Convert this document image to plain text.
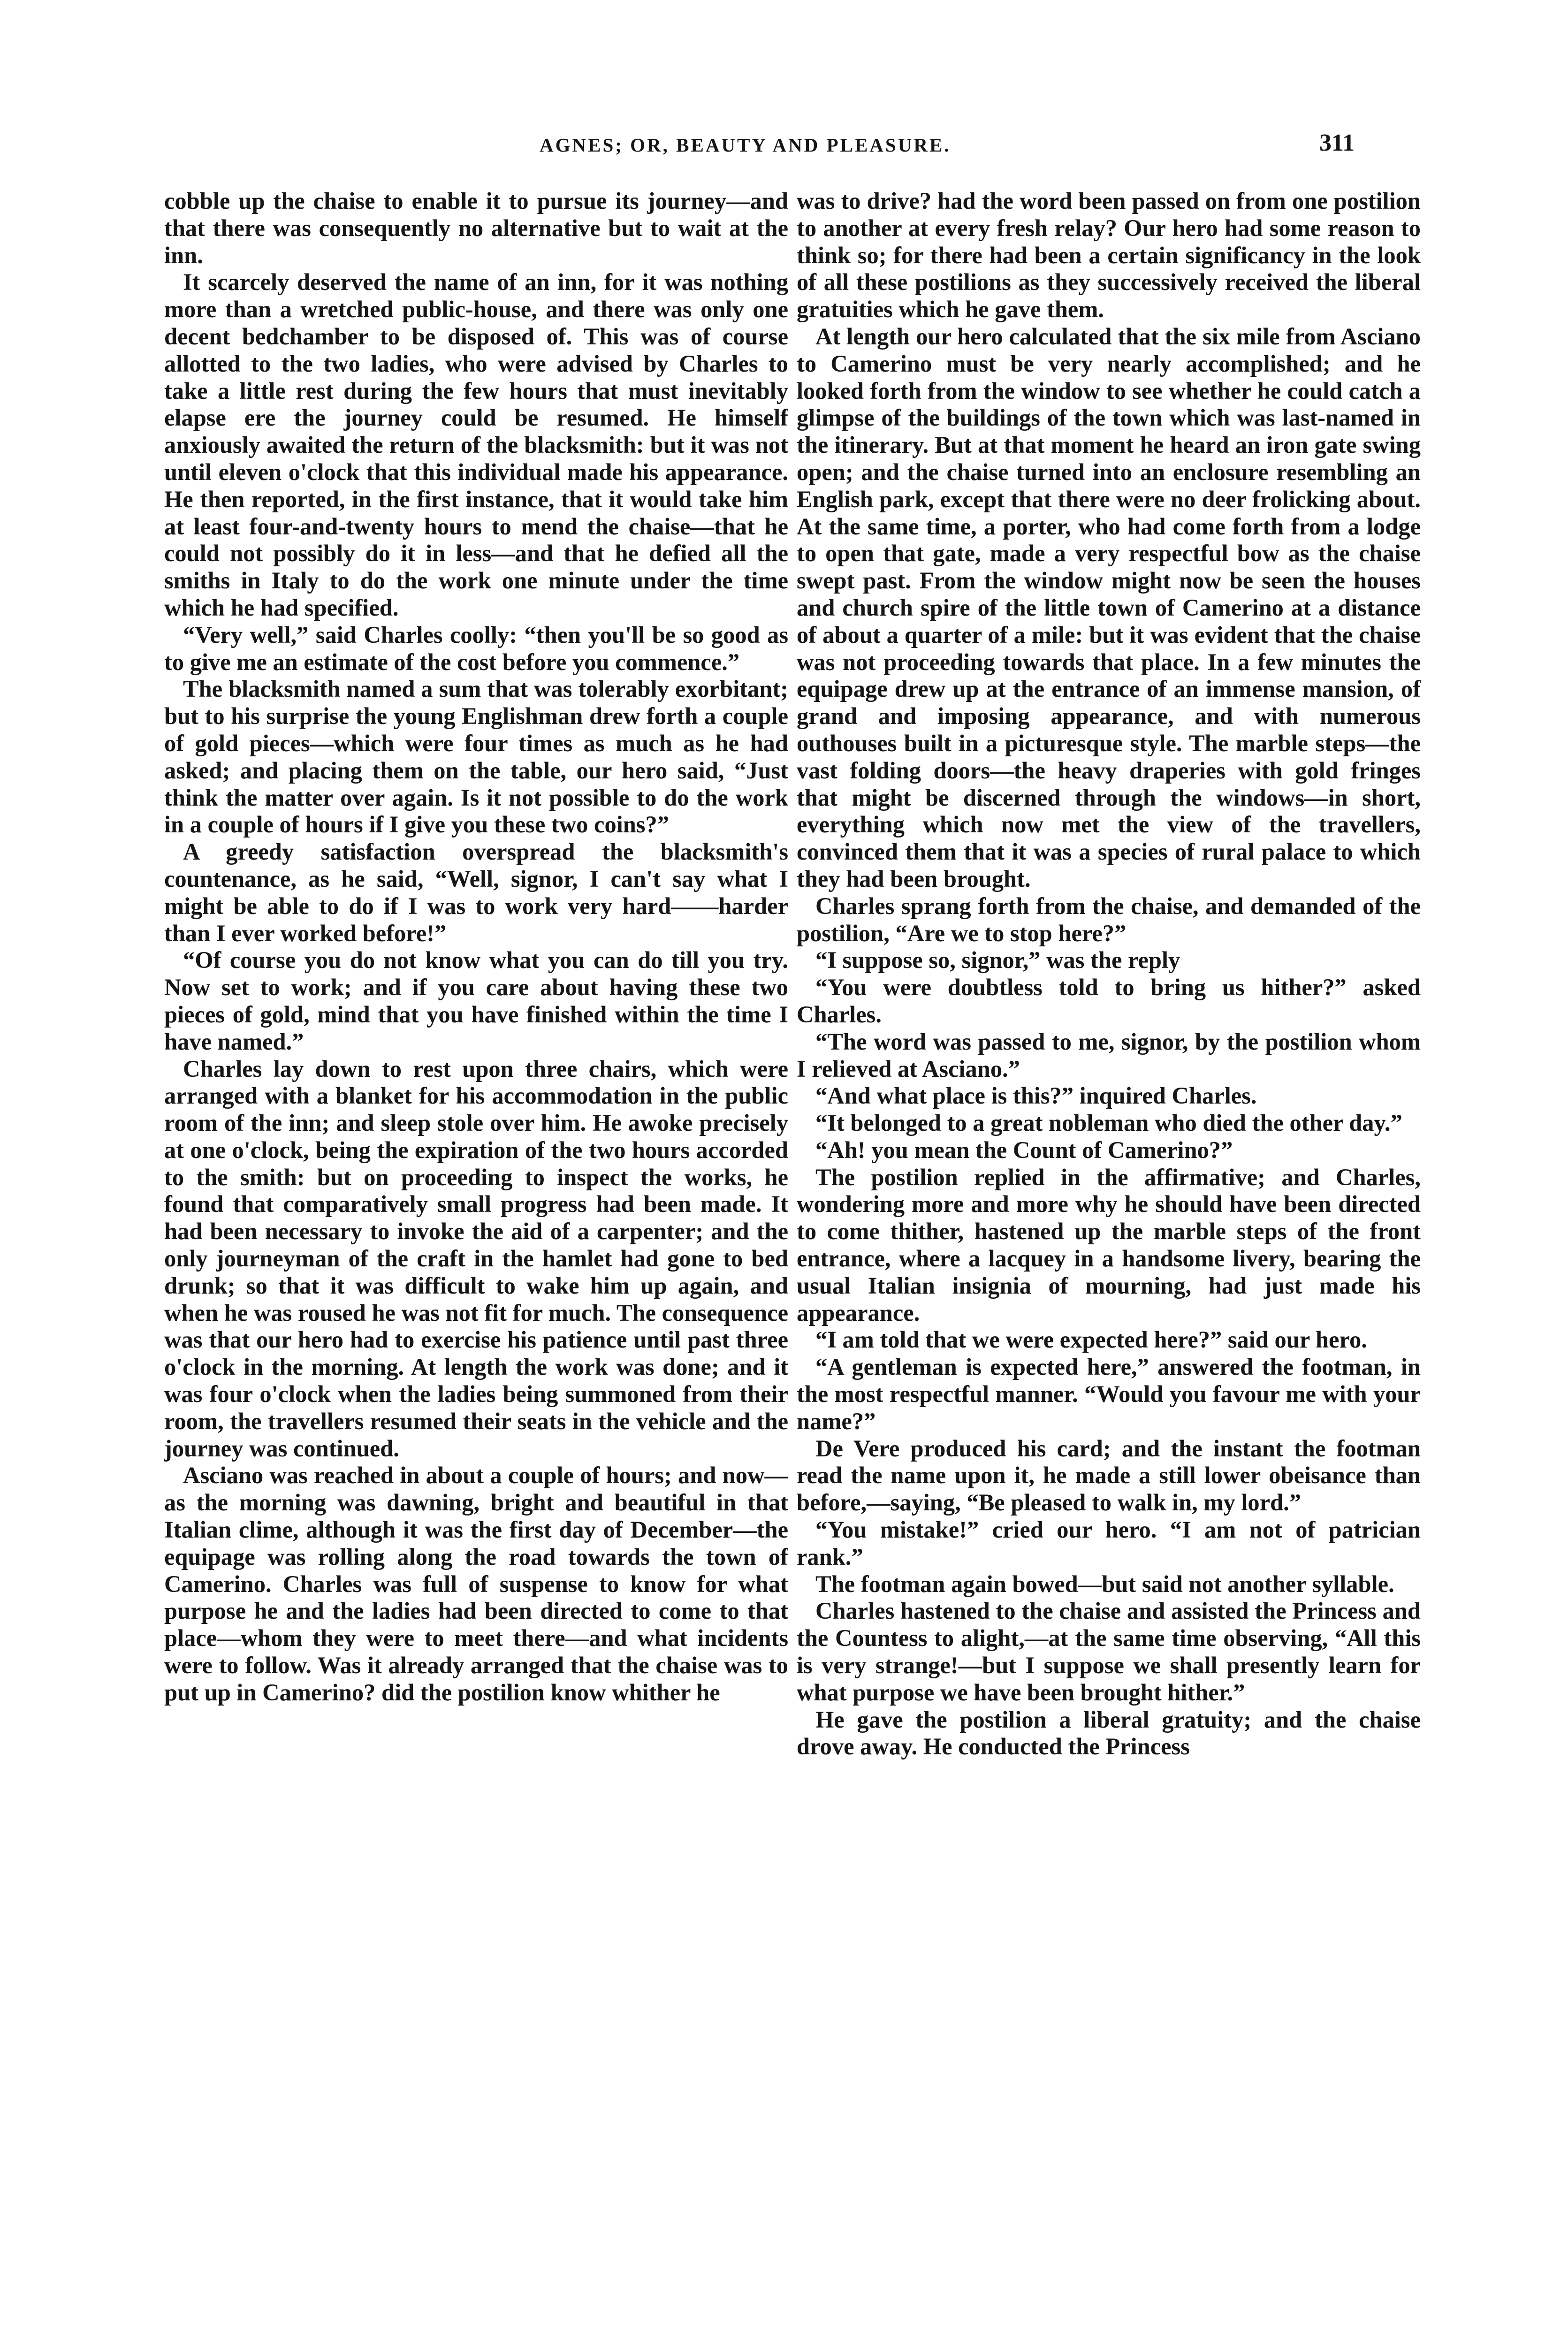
AGNES; OR, BEAUTY AND PLEASURE.	311

cobble up the chaise to enable it to pursue its journey—and that there was consequently no alternative but to wait at the inn.

It scarcely deserved the name of an inn, for it was nothing more than a wretched public-house, and there was only one decent bedchamber to be disposed of. This was of course allotted to the two ladies, who were advised by Charles to take a little rest during the few hours that must inevitably elapse ere the journey could be resumed. He himself anxiously awaited the return of the blacksmith: but it was not until eleven o'clock that this individual made his appearance. He then reported, in the first instance, that it would take him at least four-and-twenty hours to mend the chaise—that he could not possibly do it in less—and that he defied all the smiths in Italy to do the work one minute under the time which he had specified.

“Very well,” said Charles coolly: “then you'll be so good as to give me an estimate of the cost before you commence.”

The blacksmith named a sum that was tolerably exorbitant; but to his surprise the young Englishman drew forth a couple of gold pieces—which were four times as much as he had asked; and placing them on the table, our hero said, “Just think the matter over again. Is it not possible to do the work in a couple of hours if I give you these two coins?”

A greedy satisfaction overspread the blacksmith's countenance, as he said, “Well, signor, I can't say what I might be able to do if I was to work very hard——harder than I ever worked before!”

“Of course you do not know what you can do till you try. Now set to work; and if you care about having these two pieces of gold, mind that you have finished within the time I have named.”

Charles lay down to rest upon three chairs, which were arranged with a blanket for his accommodation in the public room of the inn; and sleep stole over him. He awoke precisely at one o'clock, being the expiration of the two hours accorded to the smith: but on proceeding to inspect the works, he found that comparatively small progress had been made. It had been necessary to invoke the aid of a carpenter; and the only journeyman of the craft in the hamlet had gone to bed drunk; so that it was difficult to wake him up again, and when he was roused he was not fit for much. The consequence was that our hero had to exercise his patience until past three o'clock in the morning. At length the work was done; and it was four o'clock when the ladies being summoned from their room, the travellers resumed their seats in the vehicle and the journey was continued.

Asciano was reached in about a couple of hours; and now—as the morning was dawning, bright and beautiful in that Italian clime, although it was the first day of December—the equipage was rolling along the road towards the town of Camerino. Charles was full of suspense to know for what purpose he and the ladies had been directed to come to that place—whom they were to meet there—and what incidents were to follow. Was it already arranged that the chaise was to put up in Camerino? did the postilion know whither he

was to drive? had the word been passed on from one postilion to another at every fresh relay? Our hero had some reason to think so; for there had been a certain significancy in the look of all these postilions as they successively received the liberal gratuities which he gave them.

At length our hero calculated that the six mile from Asciano to Camerino must be very nearly accomplished; and he looked forth from the window to see whether he could catch a glimpse of the buildings of the town which was last-named in the itinerary. But at that moment he heard an iron gate swing open; and the chaise turned into an enclosure resembling an English park, except that there were no deer frolicking about. At the same time, a porter, who had come forth from a lodge to open that gate, made a very respectful bow as the chaise swept past. From the window might now be seen the houses and church spire of the little town of Camerino at a distance of about a quarter of a mile: but it was evident that the chaise was not proceeding towards that place. In a few minutes the equipage drew up at the entrance of an immense mansion, of grand and imposing appearance, and with numerous outhouses built in a picturesque style. The marble steps—the vast folding doors—the heavy draperies with gold fringes that might be discerned through the windows—in short, everything which now met the view of the travellers, convinced them that it was a species of rural palace to which they had been brought.

Charles sprang forth from the chaise, and demanded of the postilion, “Are we to stop here?”

“I suppose so, signor,” was the reply

“You were doubtless told to bring us hither?” asked Charles.

“The word was passed to me, signor, by the postilion whom I relieved at Asciano.”

“And what place is this?” inquired Charles.

“It belonged to a great nobleman who died the other day.”

“Ah! you mean the Count of Camerino?”

The postilion replied in the affirmative; and Charles, wondering more and more why he should have been directed to come thither, hastened up the marble steps of the front entrance, where a lacquey in a handsome livery, bearing the usual Italian insignia of mourning, had just made his appearance.

“I am told that we were expected here?” said our hero.

“A gentleman is expected here,” answered the footman, in the most respectful manner. “Would you favour me with your name?”

De Vere produced his card; and the instant the footman read the name upon it, he made a still lower obeisance than before,—saying, “Be pleased to walk in, my lord.”

“You mistake!” cried our hero. “I am not of patrician rank.”

The footman again bowed—but said not another syllable.

Charles hastened to the chaise and assisted the Princess and the Countess to alight,—at the same time observing, “All this is very strange!—but I suppose we shall presently learn for what purpose we have been brought hither.”

He gave the postilion a liberal gratuity; and the chaise drove away. He conducted the Princess
